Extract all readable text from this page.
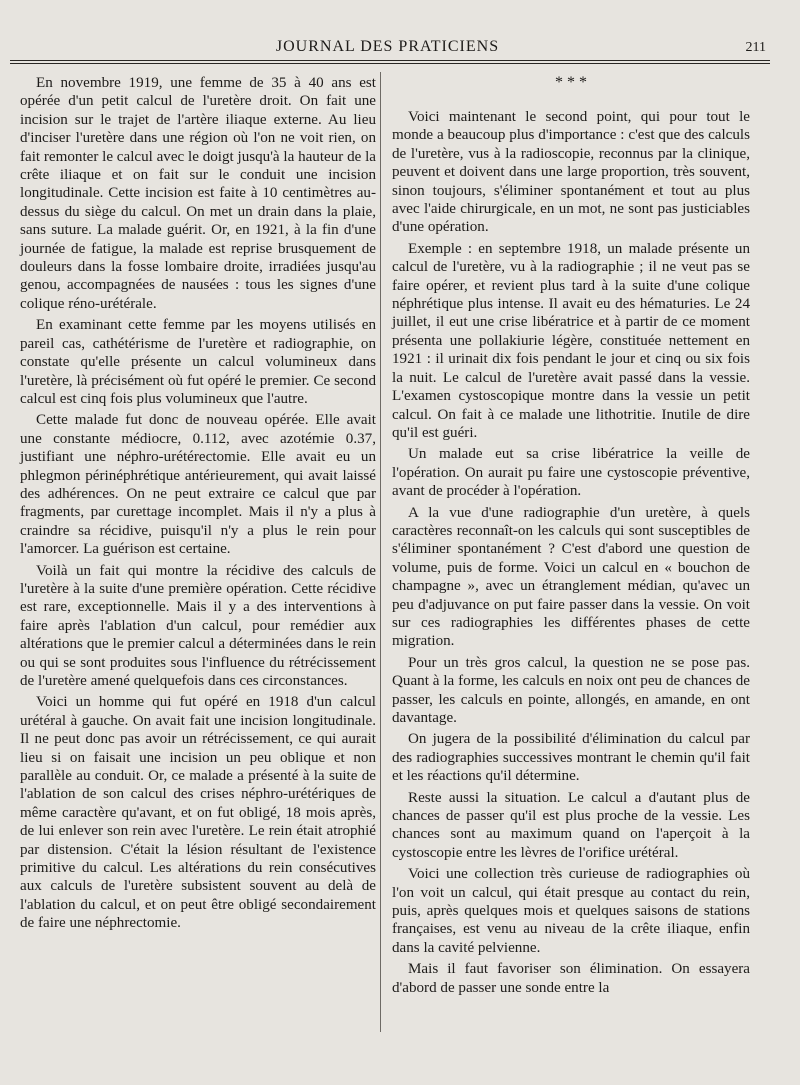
JOURNAL DES PRATICIENS	211

En novembre 1919, une femme de 35 à 40 ans est opérée d'un petit calcul de l'uretère droit. On fait une incision sur le trajet de l'artère iliaque externe. Au lieu d'inciser l'uretère dans une région où l'on ne voit rien, on fait remonter le calcul avec le doigt jusqu'à la hauteur de la crête iliaque et on fait sur le conduit une incision longitudinale. Cette incision est faite à 10 centimètres au-dessus du siège du calcul. On met un drain dans la plaie, sans suture. La malade guérit. Or, en 1921, à la fin d'une journée de fatigue, la malade est reprise brusquement de douleurs dans la fosse lombaire droite, irradiées jusqu'au genou, accompagnées de nausées : tous les signes d'une colique réno-urétérale.

En examinant cette femme par les moyens utilisés en pareil cas, cathétérisme de l'uretère et radiographie, on constate qu'elle présente un calcul volumineux dans l'uretère, là précisément où fut opéré le premier. Ce second calcul est cinq fois plus volumineux que l'autre.

Cette malade fut donc de nouveau opérée. Elle avait une constante médiocre, 0.112, avec azotémie 0.37, justifiant une néphro-urétérectomie. Elle avait eu un phlegmon périnéphrétique antérieurement, qui avait laissé des adhérences. On ne peut extraire ce calcul que par fragments, par curettage incomplet. Mais il n'y a plus à craindre sa récidive, puisqu'il n'y a plus le rein pour l'amorcer. La guérison est certaine.

Voilà un fait qui montre la récidive des calculs de l'uretère à la suite d'une première opération. Cette récidive est rare, exceptionnelle. Mais il y a des interventions à faire après l'ablation d'un calcul, pour remédier aux altérations que le premier calcul a déterminées dans le rein ou qui se sont produites sous l'influence du rétrécissement de l'uretère amené quelquefois dans ces circonstances.

Voici un homme qui fut opéré en 1918 d'un calcul urétéral à gauche. On avait fait une incision longitudinale. Il ne peut donc pas avoir un rétrécissement, ce qui aurait lieu si on faisait une incision un peu oblique et non parallèle au conduit. Or, ce malade a présenté à la suite de l'ablation de son calcul des crises néphro-urétériques de même caractère qu'avant, et on fut obligé, 18 mois après, de lui enlever son rein avec l'uretère. Le rein était atrophié par distension. C'était la lésion résultant de l'existence primitive du calcul. Les altérations du rein consécutives aux calculs de l'uretère subsistent souvent au delà de l'ablation du calcul, et on peut être obligé secondairement de faire une néphrectomie.

* * *

Voici maintenant le second point, qui pour tout le monde a beaucoup plus d'importance : c'est que des calculs de l'uretère, vus à la radioscopie, reconnus par la clinique, peuvent et doivent dans une large proportion, très souvent, sinon toujours, s'éliminer spontanément et tout au plus avec l'aide chirurgicale, en un mot, ne sont pas justiciables d'une opération.

Exemple : en septembre 1918, un malade présente un calcul de l'uretère, vu à la radiographie ; il ne veut pas se faire opérer, et revient plus tard à la suite d'une colique néphrétique plus intense. Il avait eu des hématuries. Le 24 juillet, il eut une crise libératrice et à partir de ce moment présenta une pollakiurie légère, constituée nettement en 1921 : il urinait dix fois pendant le jour et cinq ou six fois la nuit. Le calcul de l'uretère avait passé dans la vessie. L'examen cystoscopique montre dans la vessie un petit calcul. On fait à ce malade une lithotritie. Inutile de dire qu'il est guéri.

Un malade eut sa crise libératrice la veille de l'opération. On aurait pu faire une cystoscopie préventive, avant de procéder à l'opération.

A la vue d'une radiographie d'un uretère, à quels caractères reconnaît-on les calculs qui sont susceptibles de s'éliminer spontanément ? C'est d'abord une question de volume, puis de forme. Voici un calcul en « bouchon de champagne », avec un étranglement médian, qu'avec un peu d'adjuvance on put faire passer dans la vessie. On voit sur ces radiographies les différentes phases de cette migration.

Pour un très gros calcul, la question ne se pose pas. Quant à la forme, les calculs en noix ont peu de chances de passer, les calculs en pointe, allongés, en amande, en ont davantage.

On jugera de la possibilité d'élimination du calcul par des radiographies successives montrant le chemin qu'il fait et les réactions qu'il détermine.

Reste aussi la situation. Le calcul a d'autant plus de chances de passer qu'il est plus proche de la vessie. Les chances sont au maximum quand on l'aperçoit à la cystoscopie entre les lèvres de l'orifice urétéral.

Voici une collection très curieuse de radiographies où l'on voit un calcul, qui était presque au contact du rein, puis, après quelques mois et quelques saisons de stations françaises, est venu au niveau de la crête iliaque, enfin dans la cavité pelvienne.

Mais il faut favoriser son élimination. On essayera d'abord de passer une sonde entre la
